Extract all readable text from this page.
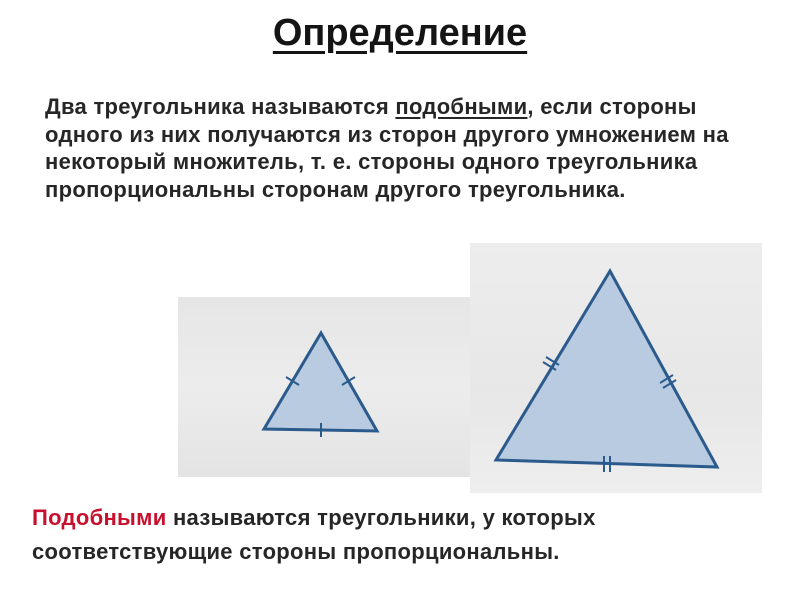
Определение

Два треугольника называются подобными, если стороны одного из них получаются из сторон другого умножением на некоторый множитель, т. е. стороны одного треугольника пропорциональны сторонам другого треугольника.

Подобными называются треугольники, у которых соответствующие стороны пропорциональны.
